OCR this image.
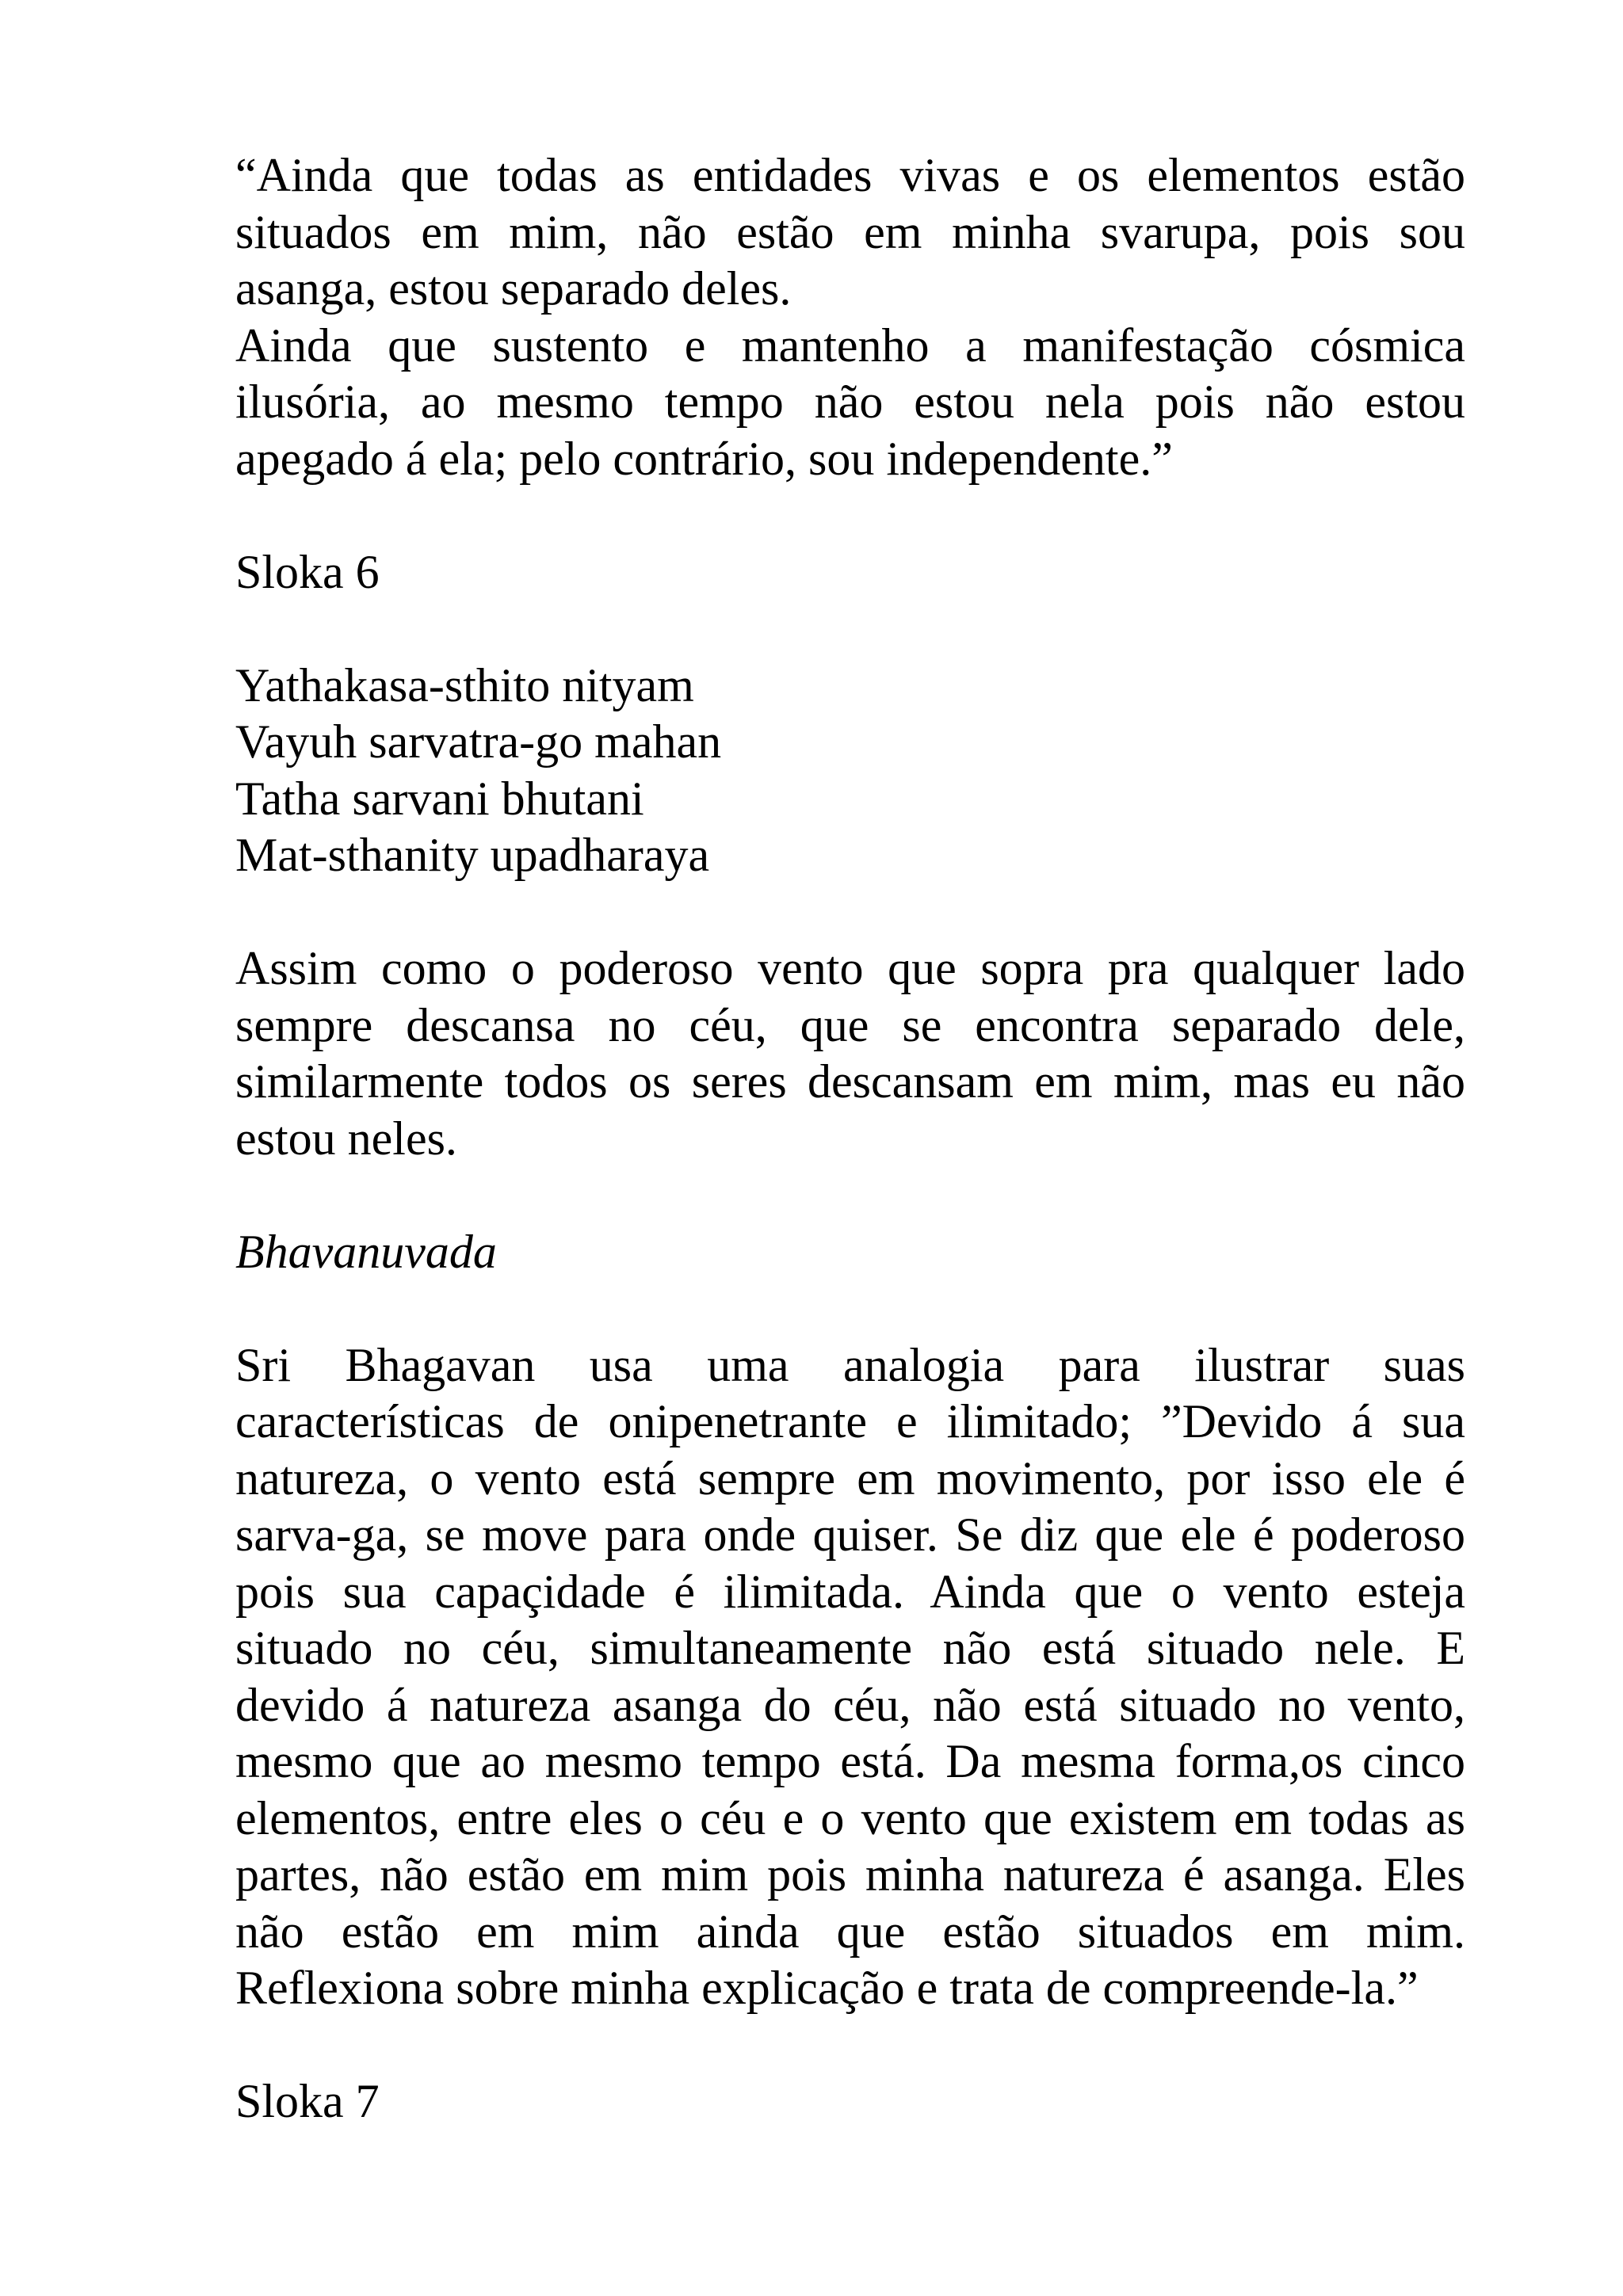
“Ainda que todas as entidades vivas e os elementos estão
situados em mim, não estão em minha svarupa, pois sou
asanga, estou separado deles.
Ainda que sustento e mantenho a manifestação cósmica
ilusória, ao mesmo tempo não estou nela pois não estou
apegado á ela; pelo contrário, sou independente.”
Sloka 6
Yathakasa-sthito nityam
Vayuh sarvatra-go mahan
Tatha sarvani bhutani
Mat-sthanity upadharaya
Assim como o poderoso vento que sopra pra qualquer lado
sempre descansa no céu, que se encontra separado dele,
similarmente todos os seres descansam em mim, mas eu não
estou neles.
Bhavanuvada
Sri Bhagavan usa uma analogia para ilustrar suas
características de onipenetrante e ilimitado; ”Devido á sua
natureza, o vento está sempre em movimento, por isso ele é
sarva-ga, se move para onde quiser. Se diz que ele é poderoso
pois sua capaçidade é ilimitada. Ainda que o vento esteja
situado no céu, simultaneamente não está situado nele. E
devido á natureza asanga do céu, não está situado no vento,
mesmo que ao mesmo tempo está. Da mesma forma,os cinco
elementos, entre eles o céu e o vento que existem em todas as
partes, não estão em mim pois minha natureza é asanga. Eles
não estão em mim ainda que estão situados em mim.
Reflexiona sobre minha explicação e trata de compreende-la.”
Sloka 7
